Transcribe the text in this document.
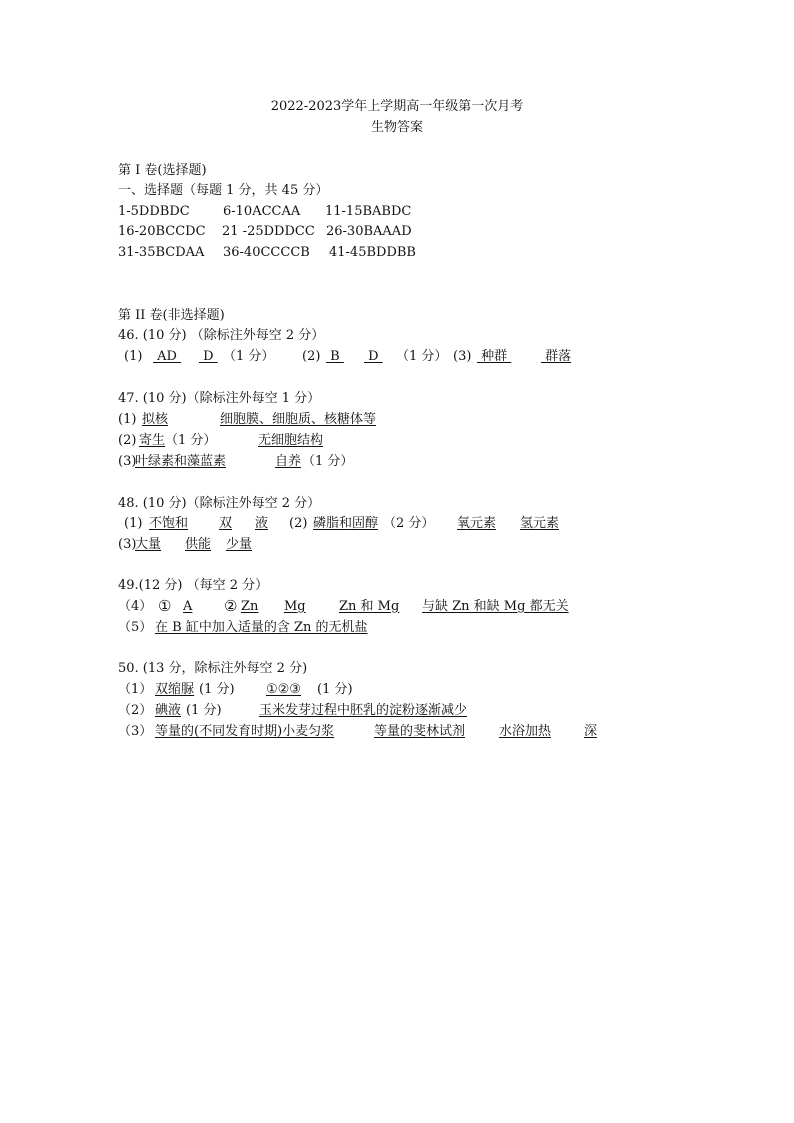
2022-2023学年上学期高一年级第一次月考
生物答案
第 I 卷(选择题)
一、选择题（每题 1 分，共 45 分）
1-5DDBDC	6-10ACCAA 11-15BABDC
16-20BCCDC 21 -25DDDCC 26-30BAAAD
31-35BCDAA 36-40CCCCB 41-45BDDBB
第 II 卷(非选择题)
46. (10 分) （除标注外每空 2 分）
(1) AD D （1 分） (2) B D （1 分） (3) 种群 群落
47. (10 分)（除标注外每空 1 分）
(1) 拟核	细胞膜、细胞质、核糖体等
(2) 寄生 （1 分）	无细胞结构
(3)
叶绿素和藻蓝素	自养 （1 分）
48. (10 分)（除标注外每空 2 分）
(1) 不饱和 双 液 (2) 磷脂和固醇 （2 分） 氧元素 氢元素
(3)
大量 供能 少量
49.(12 分) （每空 2 分）
（4） ① A ② Zn Mg	Zn 和 Mg 与缺 Zn 和缺 Mg 都无关
（5） 在 B 缸中加入适量的含 Zn 的无机盐
50. (13 分，除标注外每空 2 分)
（1） 双缩脲 (1 分) ①②③ (1 分)
（2） 碘液 (1 分)	玉米发芽过程中胚乳的淀粉逐渐减少
（3） 等量的(不同发育时期)小麦匀浆	等量的斐林试剂	水浴加热	深
